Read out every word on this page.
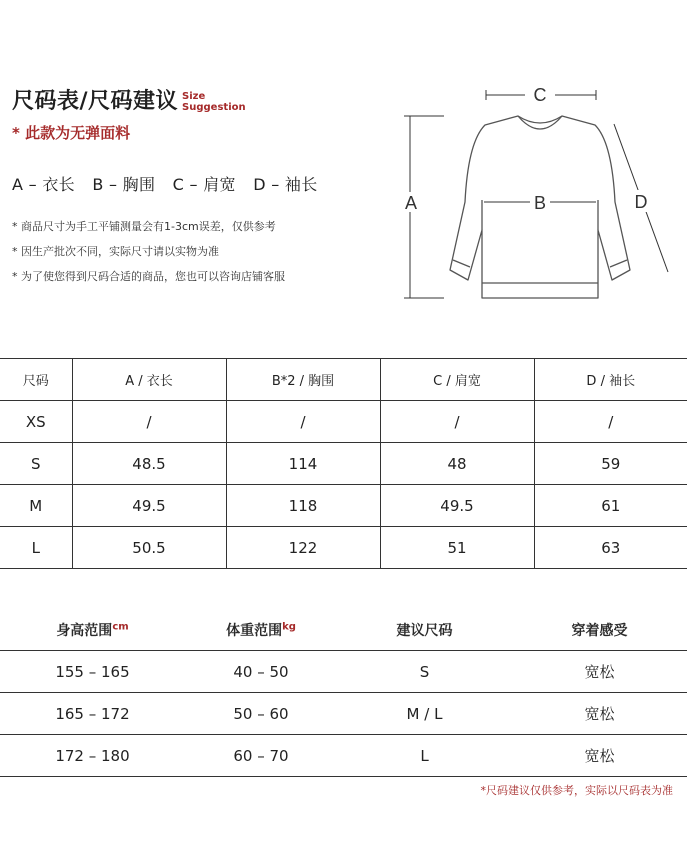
尺码表/尺码建议 Size
Suggestion
* 此款为无弹面料
A – 衣长 B – 胸围 C – 肩宽 D – 袖长
* 商品尺寸为手工平铺测量会有1-3cm误差，仅供参考
* 因生产批次不同，实际尺寸请以实物为准
* 为了使您得到尺码合适的商品，您也可以咨询店铺客服
C
A	B	D
尺码	A / 衣长	B*2 / 胸围	C / 肩宽	D / 袖长
XS	/	/	/	/
S	48.5	114	48	59
M	49.5	118	49.5	61
L	50.5	122	51	63
身高范围$^{cm}$	体重范围$^{kg}$	建议尺码	穿着感受
155 – 165	40 – 50	S	宽松
165 – 172	50 – 60	M / L	宽松
172 – 180	60 – 70	L	宽松
*尺码建议仅供参考，实际以尺码表为准
